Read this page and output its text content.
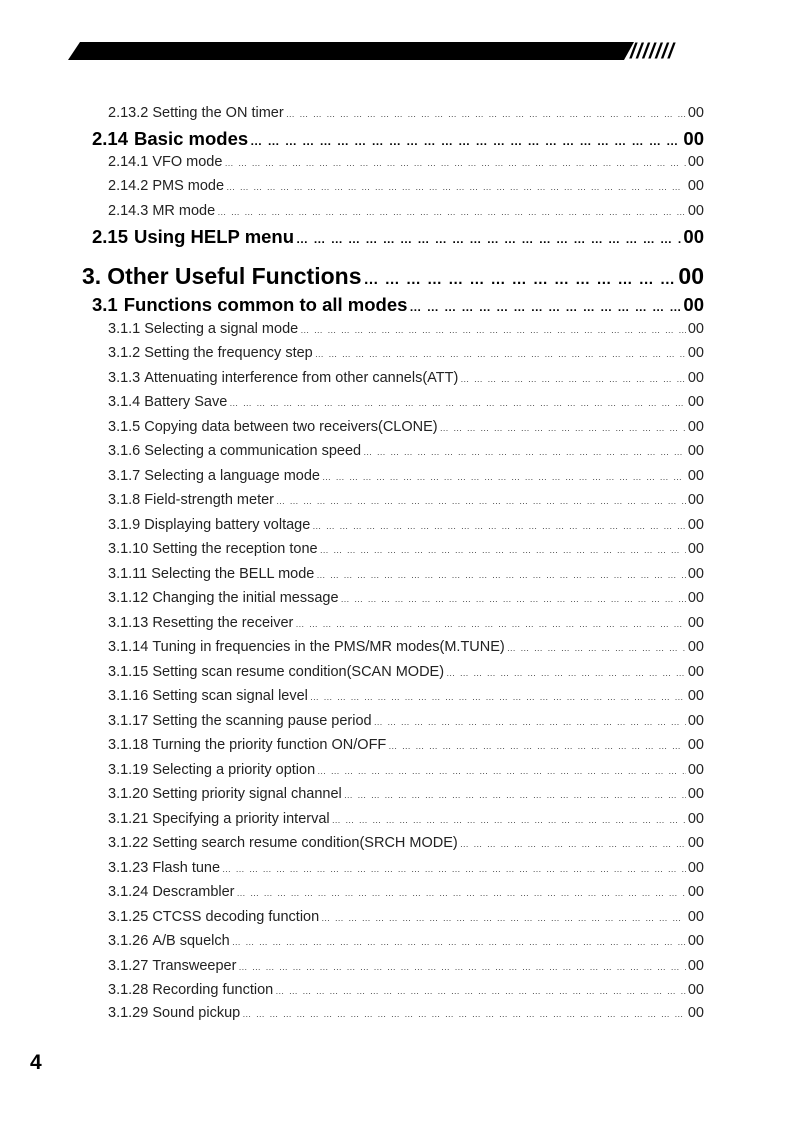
///////
2.13.2 Setting the ON timer … … … … … … … … … … … … … … … … … … … … … … … … … … … … … … … … … … … … … … … … … … … … … … … … … … … … … … … … … … … … … … …	00
2.14 Basic modes … … … … … … … … … … … … … … … … … … … … … … … … … … … … … … … … … … … … … … … … … … … … … … … … … … … … … … … … … … … … … … …	00
2.14.1 VFO mode … … … … … … … … … … … … … … … … … … … … … … … … … … … … … … … … … … … … … … … … … … … … … … … … … … … … … … … … … … … … … … …	00
2.14.2 PMS mode … … … … … … … … … … … … … … … … … … … … … … … … … … … … … … … … … … … … … … … … … … … … … … … … … … … … … … … … … … … … … … …	00
2.14.3 MR mode … … … … … … … … … … … … … … … … … … … … … … … … … … … … … … … … … … … … … … … … … … … … … … … … … … … … … … … … … … … … … … …	00
2.15 Using HELP menu … … … … … … … … … … … … … … … … … … … … … … … … … … … … … … … … … … … … … … … … … … … … … … … … … … … … … … … … … … … … … … …	00
3. Other Useful Functions … … … … … … … … … … … … … … … … … … … … … … … … … … … … … … … … … … … … … … … … … … … … … … … … … … … … … … … … … … … … … … …	00
3.1 Functions common to all modes … … … … … … … … … … … … … … … … … … … … … … … … … … … … … … … … … … … … … … … … … … … … … … … … … … … … … … … … … … … … … … …	00
3.1.1 Selecting a signal mode … … … … … … … … … … … … … … … … … … … … … … … … … … … … … … … … … … … … … … … … … … … … … … … … … … … … … … … … … … … … … … …	00
3.1.2 Setting the frequency step … … … … … … … … … … … … … … … … … … … … … … … … … … … … … … … … … … … … … … … … … … … … … … … … … … … … … … … … … … … … … … …	00
3.1.3 Attenuating interference from other cannels(ATT) … … … … … … … … … … … … … … … … … … … … … … … … … … … … … … … … … … … … … … … … … … … … … … … … … … … … … … … … … … … … … … …	00
3.1.4 Battery Save … … … … … … … … … … … … … … … … … … … … … … … … … … … … … … … … … … … … … … … … … … … … … … … … … … … … … … … … … … … … … … …	00
3.1.5 Copying data between two receivers(CLONE) … … … … … … … … … … … … … … … … … … … … … … … … … … … … … … … … … … … … … … … … … … … … … … … … … … … … … … … … … … … … … … …	00
3.1.6 Selecting a communication speed … … … … … … … … … … … … … … … … … … … … … … … … … … … … … … … … … … … … … … … … … … … … … … … … … … … … … … … … … … … … … … …	00
3.1.7 Selecting a language mode … … … … … … … … … … … … … … … … … … … … … … … … … … … … … … … … … … … … … … … … … … … … … … … … … … … … … … … … … … … … … … …	00
3.1.8 Field-strength meter … … … … … … … … … … … … … … … … … … … … … … … … … … … … … … … … … … … … … … … … … … … … … … … … … … … … … … … … … … … … … … …	00
3.1.9 Displaying battery voltage … … … … … … … … … … … … … … … … … … … … … … … … … … … … … … … … … … … … … … … … … … … … … … … … … … … … … … … … … … … … … … …	00
3.1.10 Setting the reception tone … … … … … … … … … … … … … … … … … … … … … … … … … … … … … … … … … … … … … … … … … … … … … … … … … … … … … … … … … … … … … … …	00
3.1.11 Selecting the BELL mode … … … … … … … … … … … … … … … … … … … … … … … … … … … … … … … … … … … … … … … … … … … … … … … … … … … … … … … … … … … … … … …	00
3.1.12 Changing the initial message … … … … … … … … … … … … … … … … … … … … … … … … … … … … … … … … … … … … … … … … … … … … … … … … … … … … … … … … … … … … … … …	00
3.1.13 Resetting the receiver … … … … … … … … … … … … … … … … … … … … … … … … … … … … … … … … … … … … … … … … … … … … … … … … … … … … … … … … … … … … … … …	00
3.1.14 Tuning in frequencies in the PMS/MR modes(M.TUNE) … … … … … … … … … … … … … … … … … … … … … … … … … … … … … … … … … … … … … … … … … … … … … … … … … … … … … … … … … … … … … … …	00
3.1.15 Setting scan resume condition(SCAN MODE) … … … … … … … … … … … … … … … … … … … … … … … … … … … … … … … … … … … … … … … … … … … … … … … … … … … … … … … … … … … … … … …	00
3.1.16 Setting scan signal level … … … … … … … … … … … … … … … … … … … … … … … … … … … … … … … … … … … … … … … … … … … … … … … … … … … … … … … … … … … … … … …	00
3.1.17 Setting the scanning pause period … … … … … … … … … … … … … … … … … … … … … … … … … … … … … … … … … … … … … … … … … … … … … … … … … … … … … … … … … … … … … … …	00
3.1.18 Turning the priority function ON/OFF … … … … … … … … … … … … … … … … … … … … … … … … … … … … … … … … … … … … … … … … … … … … … … … … … … … … … … … … … … … … … … …	00
3.1.19 Selecting a priority option … … … … … … … … … … … … … … … … … … … … … … … … … … … … … … … … … … … … … … … … … … … … … … … … … … … … … … … … … … … … … … …	00
3.1.20 Setting priority signal channel … … … … … … … … … … … … … … … … … … … … … … … … … … … … … … … … … … … … … … … … … … … … … … … … … … … … … … … … … … … … … … …	00
3.1.21 Specifying a priority interval … … … … … … … … … … … … … … … … … … … … … … … … … … … … … … … … … … … … … … … … … … … … … … … … … … … … … … … … … … … … … … …	00
3.1.22 Setting search resume condition(SRCH MODE) … … … … … … … … … … … … … … … … … … … … … … … … … … … … … … … … … … … … … … … … … … … … … … … … … … … … … … … … … … … … … … …	00
3.1.23 Flash tune … … … … … … … … … … … … … … … … … … … … … … … … … … … … … … … … … … … … … … … … … … … … … … … … … … … … … … … … … … … … … … …	00
3.1.24 Descrambler … … … … … … … … … … … … … … … … … … … … … … … … … … … … … … … … … … … … … … … … … … … … … … … … … … … … … … … … … … … … … … …	00
3.1.25 CTCSS decoding function … … … … … … … … … … … … … … … … … … … … … … … … … … … … … … … … … … … … … … … … … … … … … … … … … … … … … … … … … … … … … … …	00
3.1.26 A/B squelch … … … … … … … … … … … … … … … … … … … … … … … … … … … … … … … … … … … … … … … … … … … … … … … … … … … … … … … … … … … … … … …	00
3.1.27 Transweeper … … … … … … … … … … … … … … … … … … … … … … … … … … … … … … … … … … … … … … … … … … … … … … … … … … … … … … … … … … … … … … …	00
3.1.28 Recording function … … … … … … … … … … … … … … … … … … … … … … … … … … … … … … … … … … … … … … … … … … … … … … … … … … … … … … … … … … … … … … …	00
3.1.29 Sound pickup … … … … … … … … … … … … … … … … … … … … … … … … … … … … … … … … … … … … … … … … … … … … … … … … … … … … … … … … … … … … … … …	00
4
